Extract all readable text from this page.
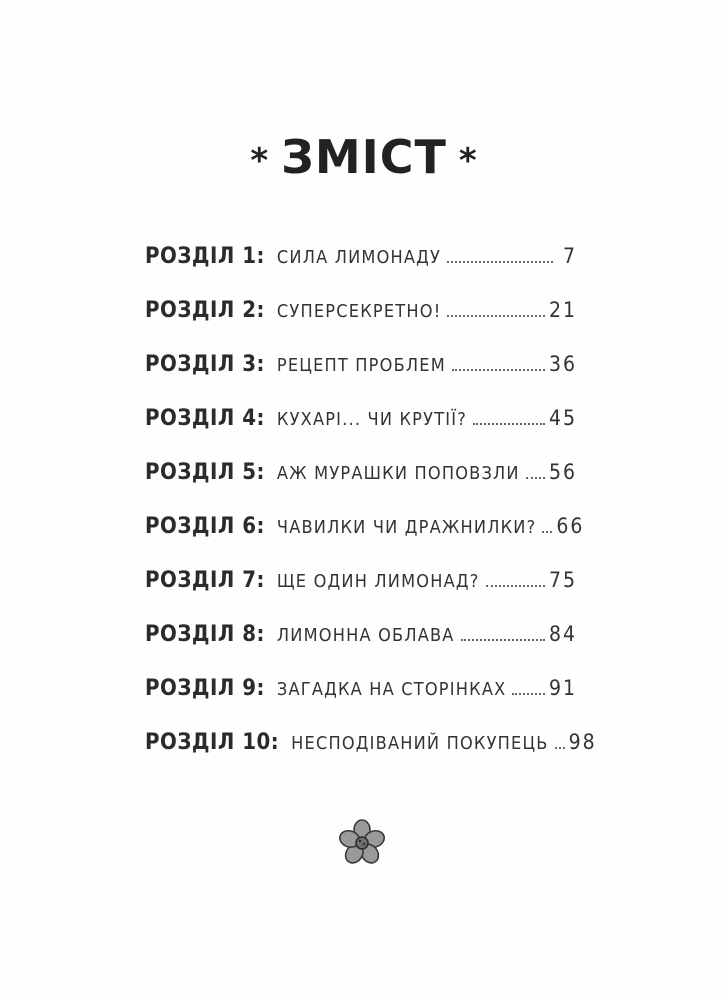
* ЗМІСТ *
РОЗДІЛ 1: СИЛА ЛИМОНАДУ	7
РОЗДІЛ 2: СУПЕРСЕКРЕТНО!	21
РОЗДІЛ 3: РЕЦЕПТ ПРОБЛЕМ	36
РОЗДІЛ 4: КУХАРІ... ЧИ КРУТІЇ?	45
РОЗДІЛ 5: АЖ МУРАШКИ ПОПОВЗЛИ 56
РОЗДІЛ 6: ЧАВИЛКИ ЧИ ДРАЖНИЛКИ? 66
РОЗДІЛ 7: ЩЕ ОДИН ЛИМОНАД?	75
РОЗДІЛ 8: ЛИМОННА ОБЛАВА	84
РОЗДІЛ 9: ЗАГАДКА НА СТОРІНКАХ 91
РОЗДІЛ 10: НЕСПОДІВАНИЙ ПОКУПЕЦЬ 98
